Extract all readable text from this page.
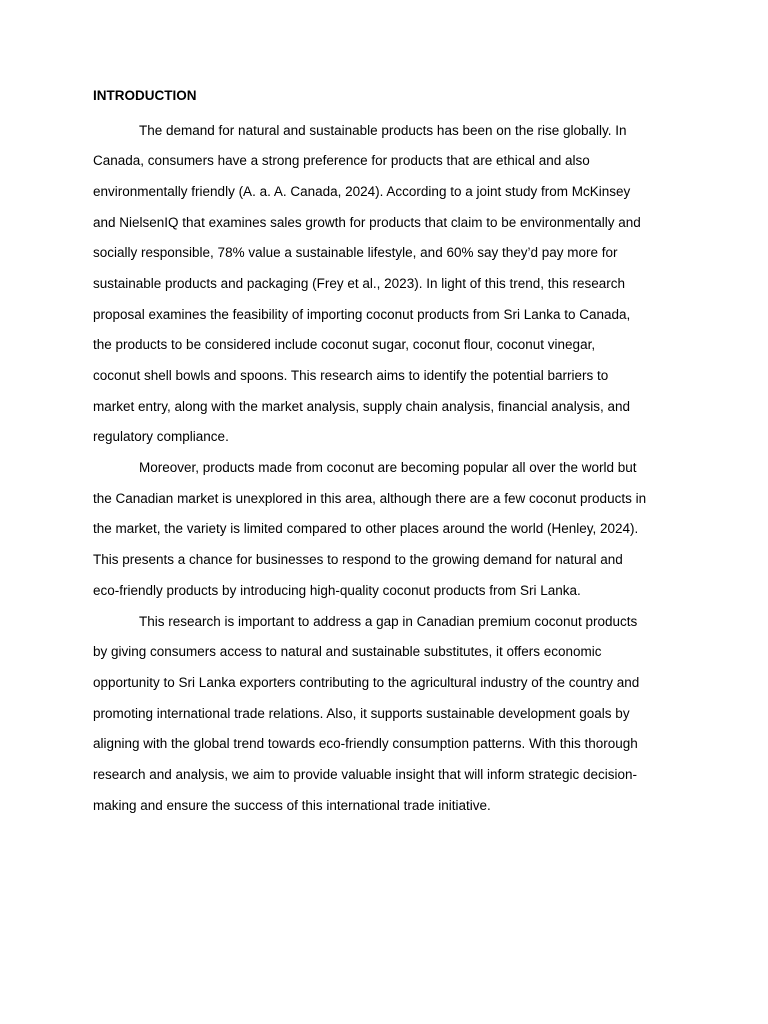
INTRODUCTION
The demand for natural and sustainable products has been on the rise globally. In
Canada, consumers have a strong preference for products that are ethical and also
environmentally friendly (A. a. A. Canada, 2024). According to a joint study from McKinsey
and NielsenIQ that examines sales growth for products that claim to be environmentally and
socially responsible, 78% value a sustainable lifestyle, and 60% say they’d pay more for
sustainable products and packaging (Frey et al., 2023). In light of this trend, this research
proposal examines the feasibility of importing coconut products from Sri Lanka to Canada,
the products to be considered include coconut sugar, coconut flour, coconut vinegar,
coconut shell bowls and spoons. This research aims to identify the potential barriers to
market entry, along with the market analysis, supply chain analysis, financial analysis, and
regulatory compliance.
Moreover, products made from coconut are becoming popular all over the world but
the Canadian market is unexplored in this area, although there are a few coconut products in
the market, the variety is limited compared to other places around the world (Henley, 2024).
This presents a chance for businesses to respond to the growing demand for natural and
eco-friendly products by introducing high-quality coconut products from Sri Lanka.
This research is important to address a gap in Canadian premium coconut products
by giving consumers access to natural and sustainable substitutes, it offers economic
opportunity to Sri Lanka exporters contributing to the agricultural industry of the country and
promoting international trade relations. Also, it supports sustainable development goals by
aligning with the global trend towards eco-friendly consumption patterns. With this thorough
research and analysis, we aim to provide valuable insight that will inform strategic decision-
making and ensure the success of this international trade initiative.
